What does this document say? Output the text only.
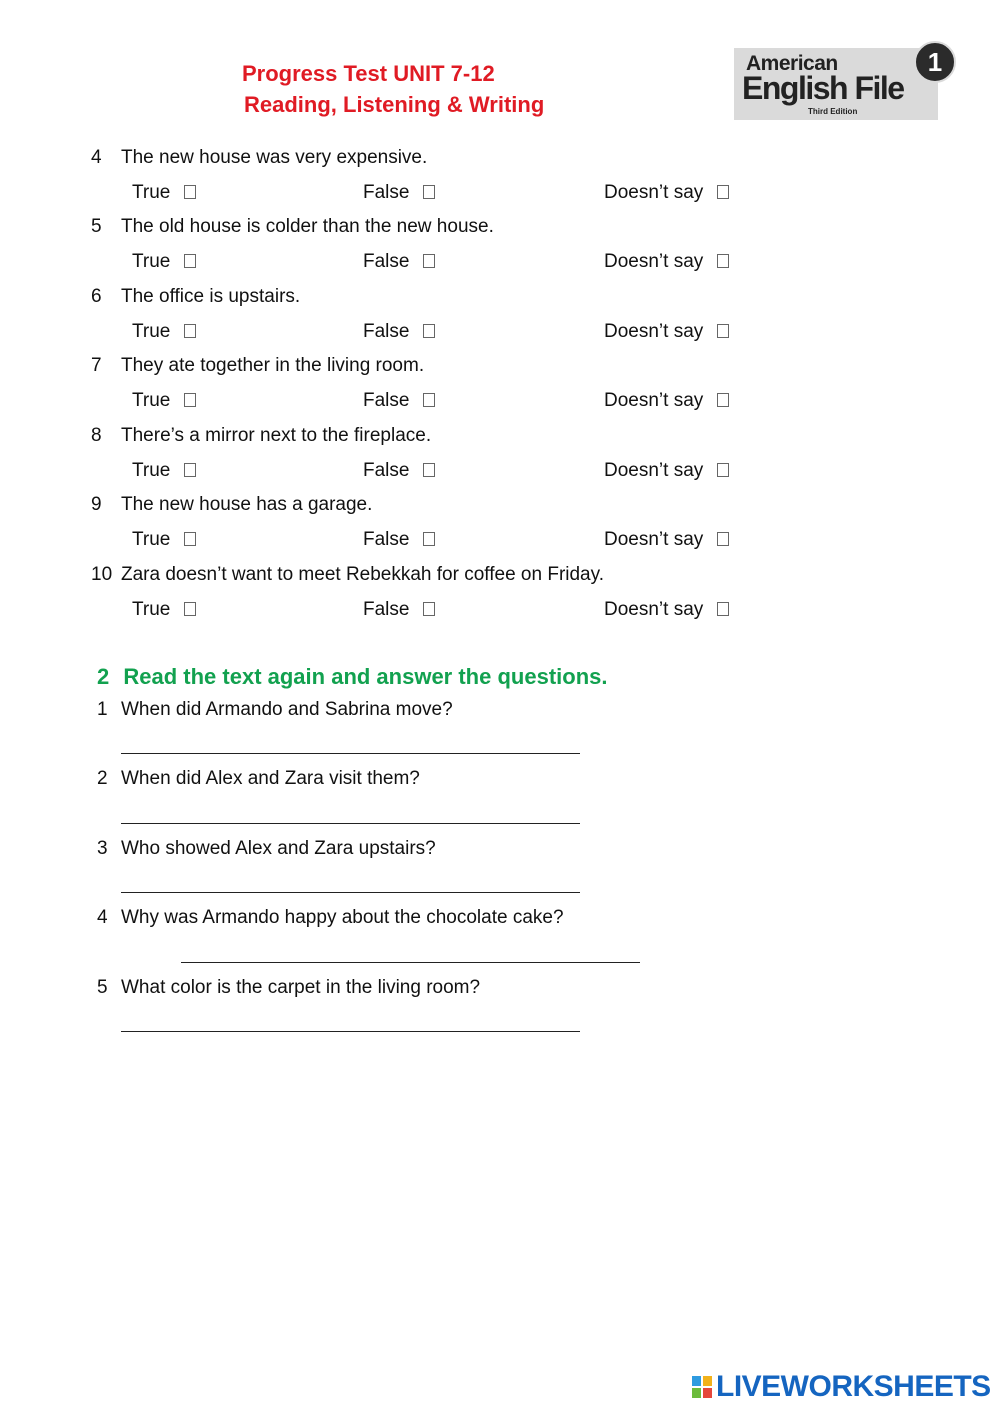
Progress Test UNIT 7-12
Reading, Listening & Writing
American
English File
Third Edition
1
4	The new house was very expensive.
True	False	Doesn’t say
5	The old house is colder than the new house.
True	False	Doesn’t say
6	The office is upstairs.
True	False	Doesn’t say
7	They ate together in the living room.
True	False	Doesn’t say
8	There’s a mirror next to the fireplace.
True	False	Doesn’t say
9	The new house has a garage.
True	False	Doesn’t say
10 Zara doesn’t want to meet Rebekkah for coffee on Friday.
True	False	Doesn’t say
2 Read the text again and answer the questions.
1 When did Armando and Sabrina move?
2 When did Alex and Zara visit them?
3 Who showed Alex and Zara upstairs?
4 Why was Armando happy about the chocolate cake?
5 What color is the carpet in the living room?
LIVEWORKSHEETS
